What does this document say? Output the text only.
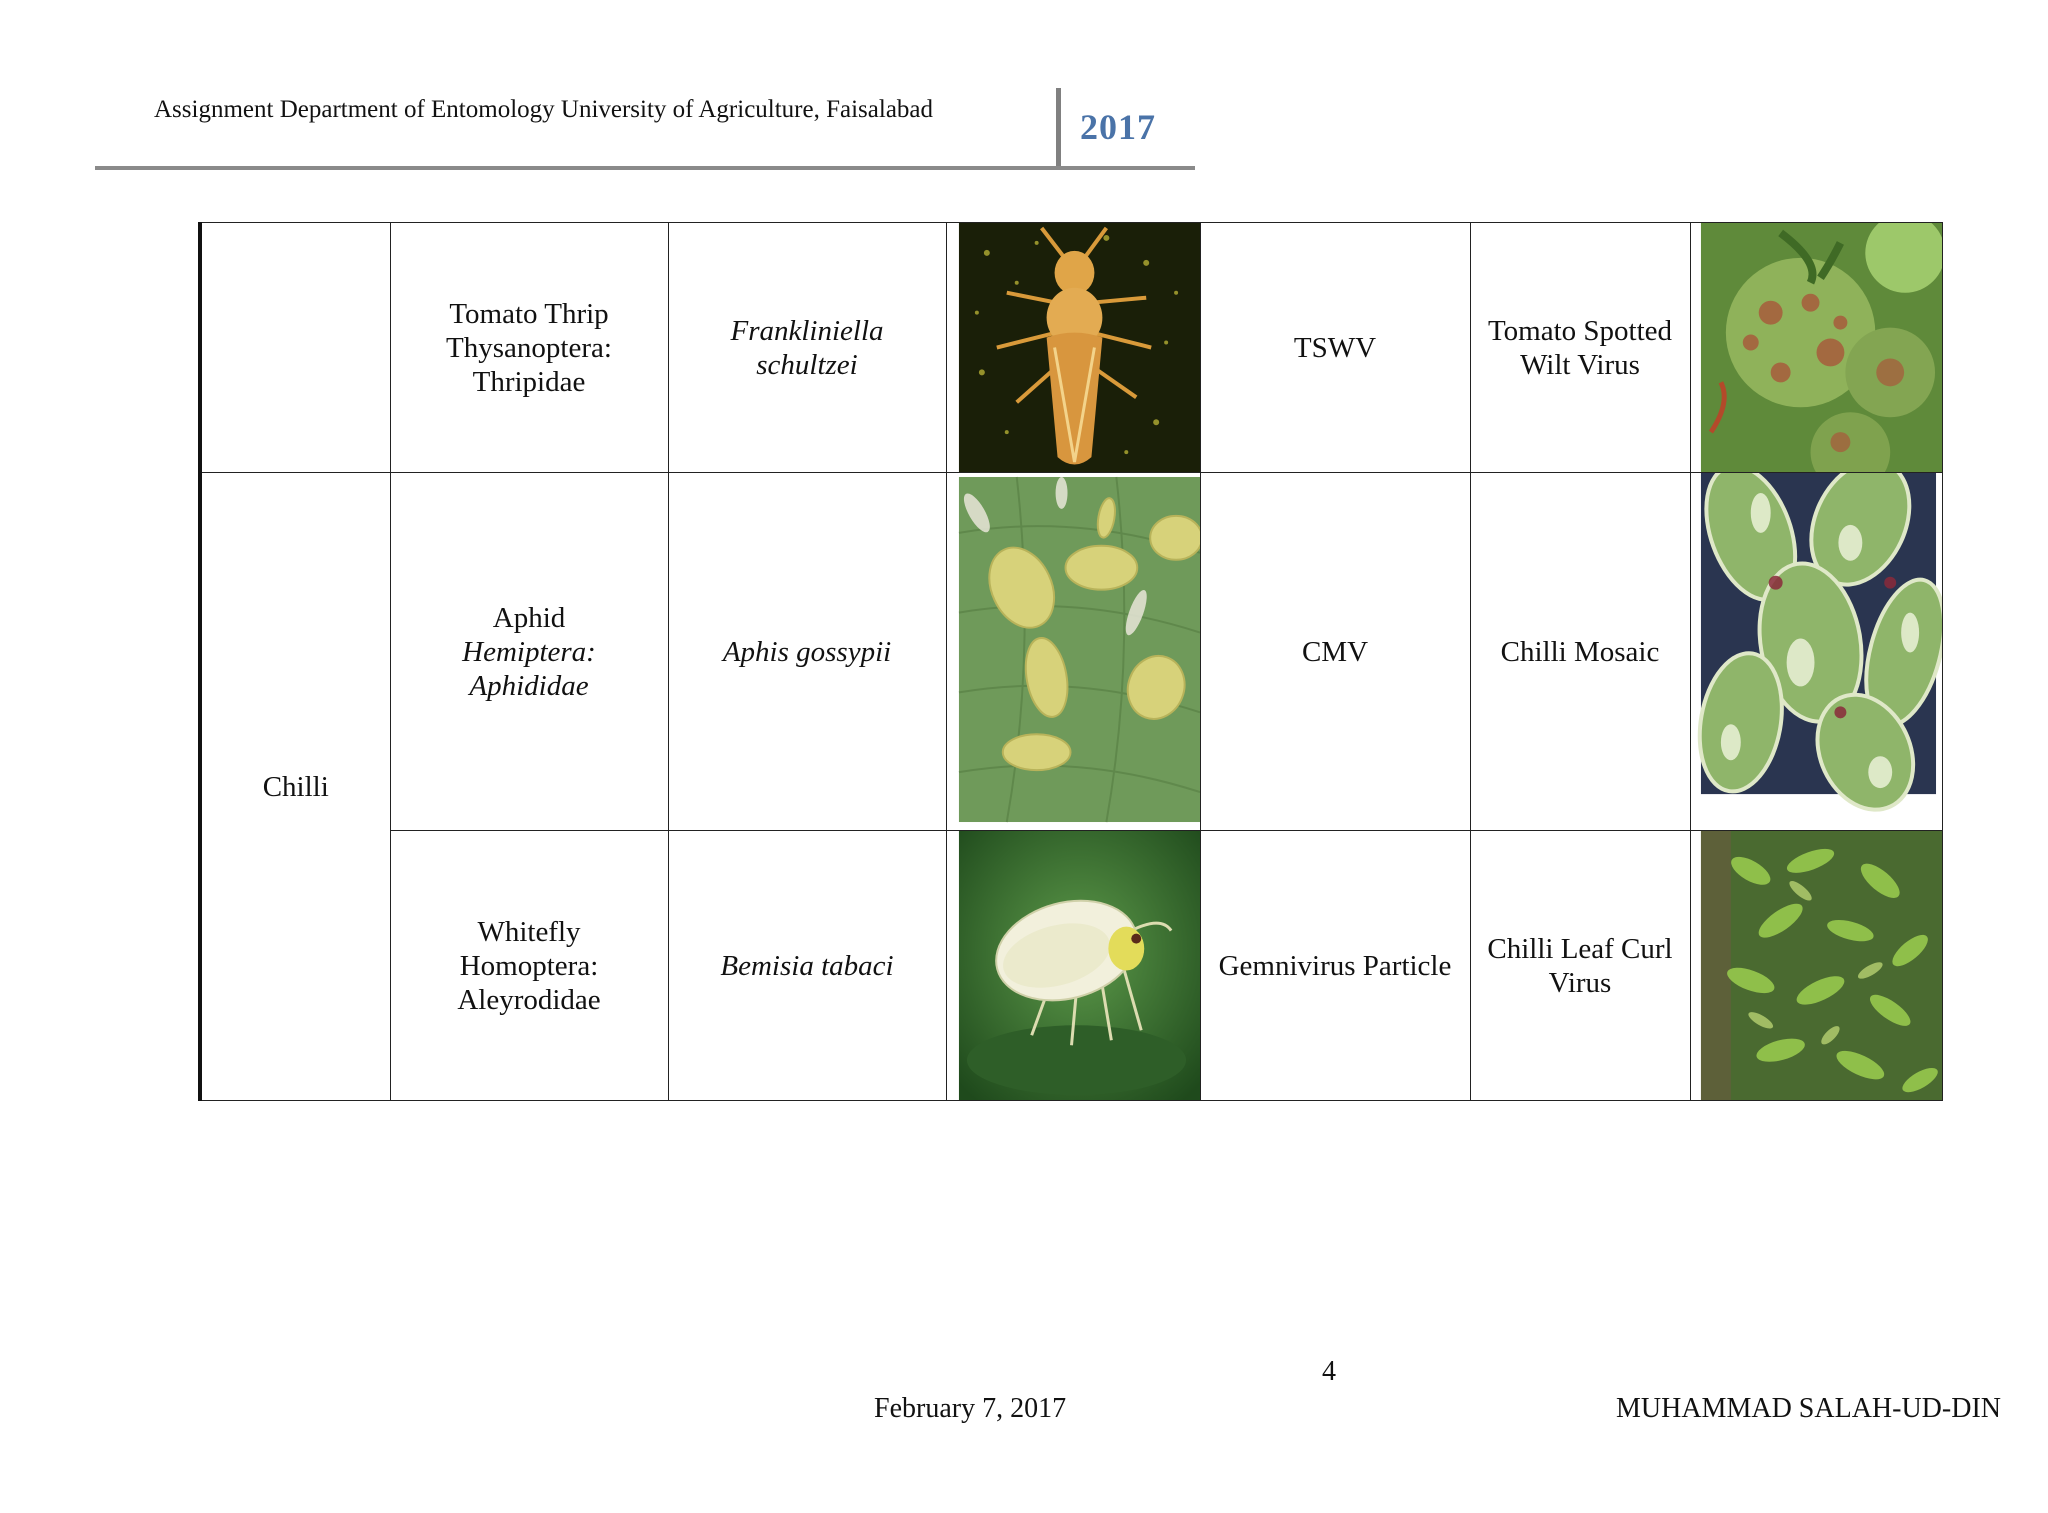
Assignment Department of Entomology University of Agriculture, Faisalabad	2017
	Tomato Thrip
Thysanoptera:
Thripidae	Frankliniella schultzei		TSWV	Tomato Spotted Wilt Virus	

Chilli	Aphid
Hemiptera:
Aphididae	Aphis gossypii		CMV	Chilli Mosaic	

	Whitefly
Homoptera:
Aleyrodidae	Bemisia tabaci		Gemnivirus Particle	Chilli Leaf Curl Virus	
4
February 7, 2017	MUHAMMAD SALAH-UD-DIN
